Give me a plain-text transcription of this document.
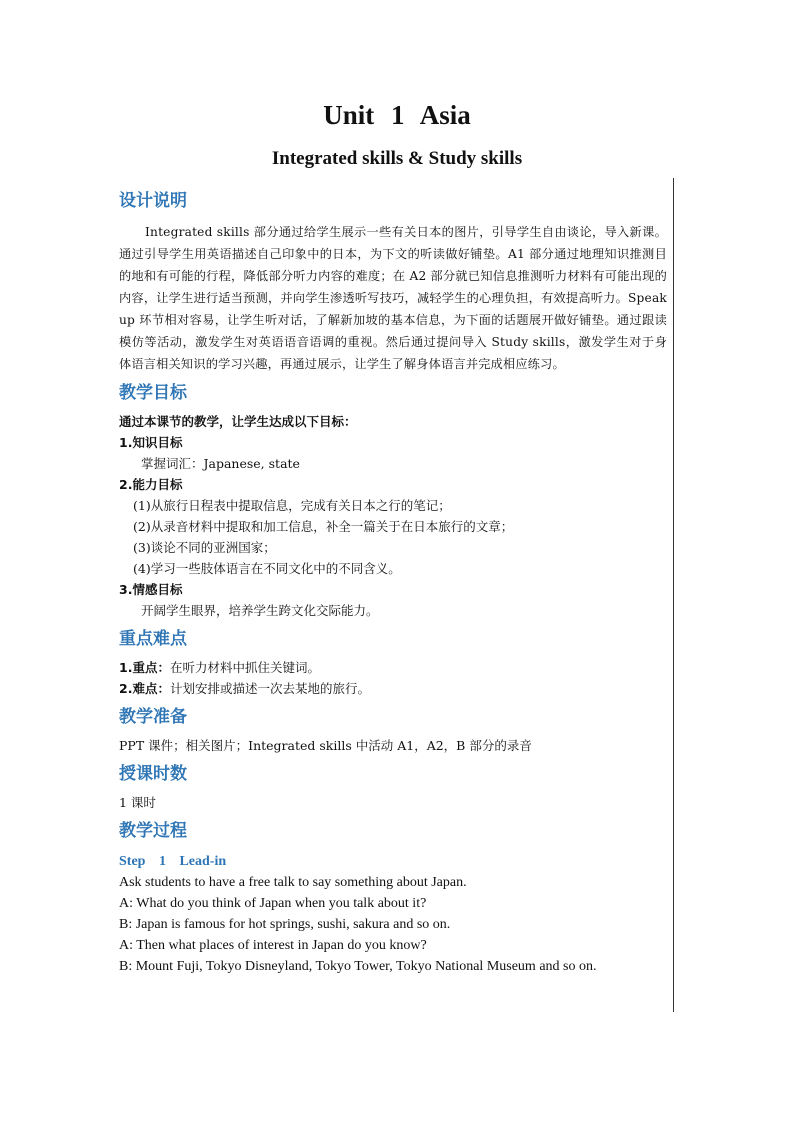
Unit 1 Asia
Integrated skills & Study skills
设计说明

Integrated skills 部分通过给学生展示一些有关日本的图片，引导学生自由谈论，导入新课。通过引导学生用英语描述自己印象中的日本，为下文的听读做好铺垫。A1 部分通过地理知识推测目的地和有可能的行程，降低部分听力内容的难度；在 A2 部分就已知信息推测听力材料有可能出现的内容，让学生进行适当预测，并向学生渗透听写技巧，减轻学生的心理负担，有效提高听力。Speak up 环节相对容易，让学生听对话，了解新加坡的基本信息，为下面的话题展开做好铺垫。通过跟读模仿等活动，激发学生对英语语音语调的重视。然后通过提问导入 Study skills，激发学生对于身体语言相关知识的学习兴趣，再通过展示，让学生了解身体语言并完成相应练习。

教学目标

通过本课节的教学，让学生达成以下目标：

1.知识目标

掌握词汇：Japanese, state

2.能力目标

(1)从旅行日程表中提取信息，完成有关日本之行的笔记；

(2)从录音材料中提取和加工信息，补全一篇关于在日本旅行的文章；

(3)谈论不同的亚洲国家；

(4)学习一些肢体语言在不同文化中的不同含义。

3.情感目标

开阔学生眼界，培养学生跨文化交际能力。

重点难点

1.重点：在听力材料中抓住关键词。

2.难点：计划安排或描述一次去某地的旅行。

教学准备

PPT 课件；相关图片；Integrated skills 中活动 A1，A2，B 部分的录音

授课时数

1 课时

教学过程

Step 1 Lead-in

Ask students to have a free talk to say something about Japan.

A: What do you think of Japan when you talk about it?

B: Japan is famous for hot springs, sushi, sakura and so on.

A: Then what places of interest in Japan do you know?

B: Mount Fuji, Tokyo Disneyland, Tokyo Tower, Tokyo National Museum and so on.
